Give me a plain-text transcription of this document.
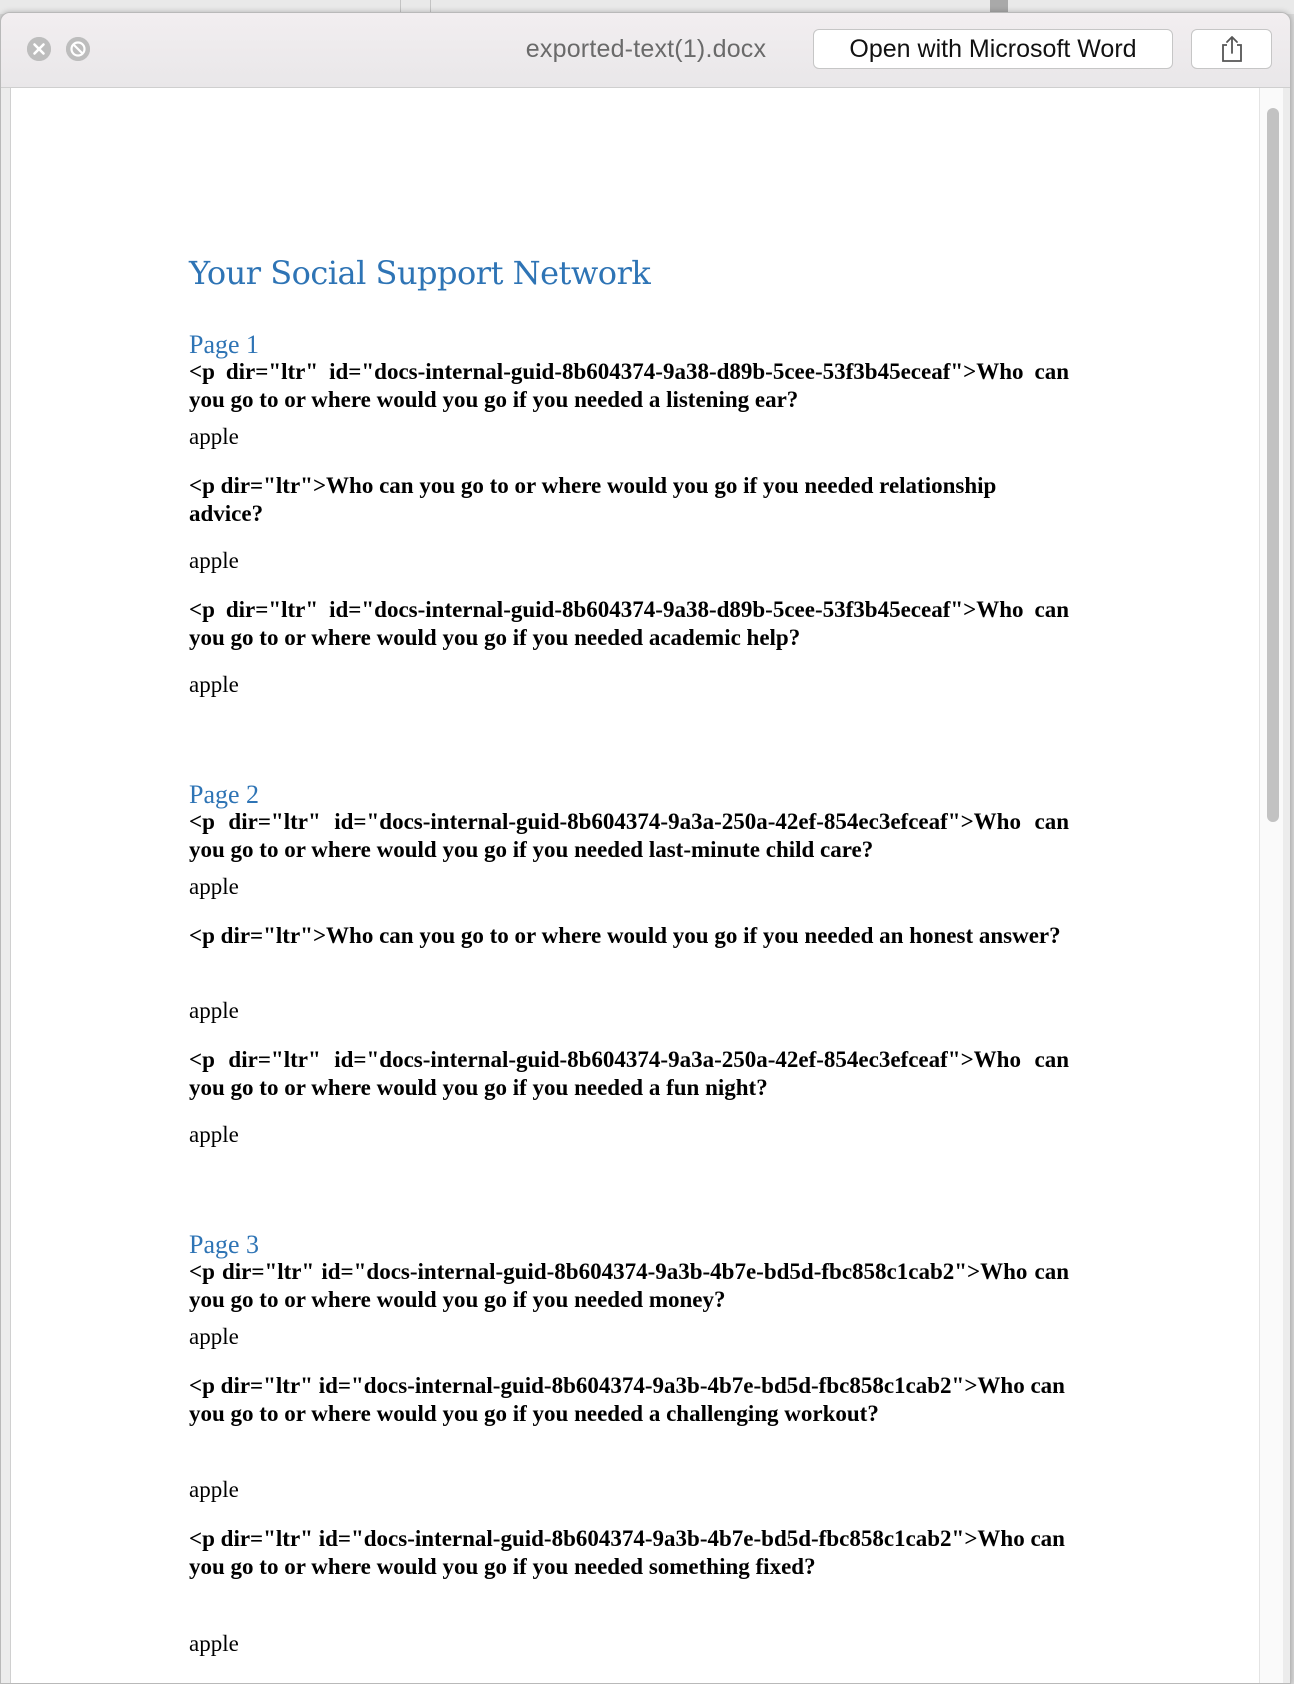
exported-text(1).docx	Open with Microsoft Word
Your Social Support Network
Page 1

<p dir="ltr" id="docs-internal-guid-8b604374-9a38-d89b-5cee-53f3b45eceaf">Who can you go to or where would you go if you needed a listening ear?

apple

<p dir="ltr">Who can you go to or where would you go if you needed relationship advice?

apple

<p dir="ltr" id="docs-internal-guid-8b604374-9a38-d89b-5cee-53f3b45eceaf">Who can you go to or where would you go if you needed academic help?

apple

Page 2

<p dir="ltr" id="docs-internal-guid-8b604374-9a3a-250a-42ef-854ec3efceaf">Who can you go to or where would you go if you needed last-minute child care?

apple

<p dir="ltr">Who can you go to or where would you go if you needed an honest answer?

apple

<p dir="ltr" id="docs-internal-guid-8b604374-9a3a-250a-42ef-854ec3efceaf">Who can you go to or where would you go if you needed a fun night?

apple

Page 3

<p dir="ltr" id="docs-internal-guid-8b604374-9a3b-4b7e-bd5d-fbc858c1cab2">Who can you go to or where would you go if you needed money?

apple

<p dir="ltr" id="docs-internal-guid-8b604374-9a3b-4b7e-bd5d-fbc858c1cab2">Who can you go to or where would you go if you needed a challenging workout?

apple

<p dir="ltr" id="docs-internal-guid-8b604374-9a3b-4b7e-bd5d-fbc858c1cab2">Who can you go to or where would you go if you needed something fixed?

apple
